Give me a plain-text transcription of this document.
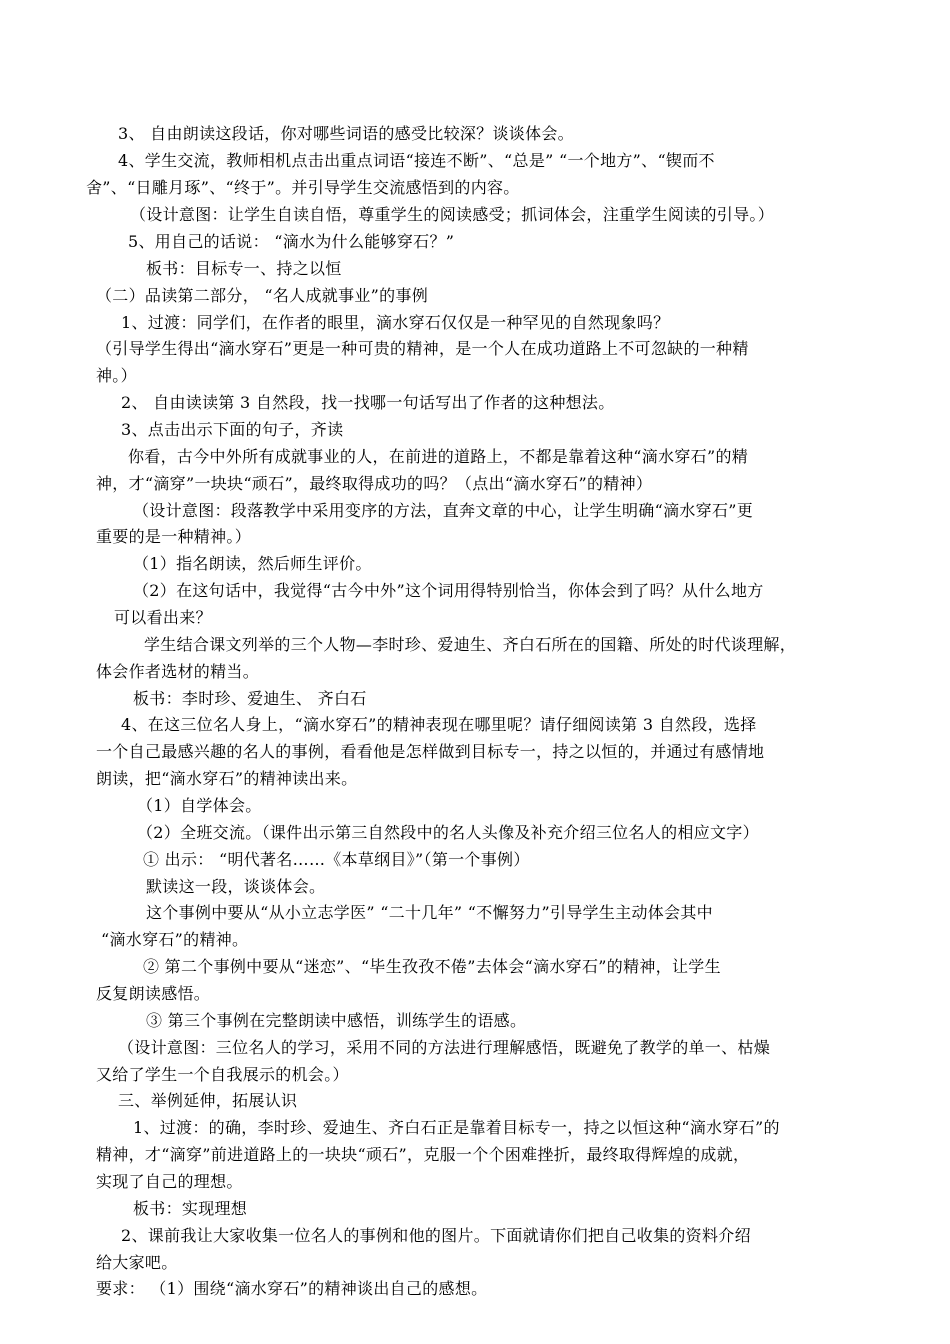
3、 自由朗读这段话，你对哪些词语的感受比较深？谈谈体会。
4、学生交流，教师相机点击出重点词语“接连不断”、“总是” “一个地方”、“锲而不
舍”、“日雕月琢”、“终于”。并引导学生交流感悟到的内容。
（设计意图：让学生自读自悟，尊重学生的阅读感受；抓词体会，注重学生阅读的引导。）
5、用自己的话说： “滴水为什么能够穿石？”
板书：目标专一、持之以恒
（二）品读第二部分， “名人成就事业”的事例
1、过渡：同学们，在作者的眼里，滴水穿石仅仅是一种罕见的自然现象吗？
（引导学生得出“滴水穿石”更是一种可贵的精神，是一个人在成功道路上不可忽缺的一种精
神。）
2、 自由读读第 3 自然段，找一找哪一句话写出了作者的这种想法。
3、点击出示下面的句子，齐读
你看，古今中外所有成就事业的人，在前进的道路上，不都是靠着这种“滴水穿石”的精
神，才“滴穿”一块块“顽石”，最终取得成功的吗？（点出“滴水穿石”的精神）
（设计意图：段落教学中采用变序的方法，直奔文章的中心，让学生明确“滴水穿石”更
重要的是一种精神。）
（1）指名朗读，然后师生评价。
（2）在这句话中，我觉得“古今中外”这个词用得特别恰当，你体会到了吗？从什么地方
可以看出来？
学生结合课文列举的三个人物—李时珍、爱迪生、齐白石所在的国籍、所处的时代谈理解，
体会作者选材的精当。
板书：李时珍、爱迪生、 齐白石
4、在这三位名人身上，“滴水穿石”的精神表现在哪里呢？请仔细阅读第 3 自然段，选择
一个自己最感兴趣的名人的事例，看看他是怎样做到目标专一，持之以恒的，并通过有感情地
朗读，把“滴水穿石”的精神读出来。
（1）自学体会。
（2）全班交流。（课件出示第三自然段中的名人头像及补充介绍三位名人的相应文字）
① 出示： “明代著名……《本草纲目》”（第一个事例）
默读这一段，谈谈体会。
这个事例中要从“从小立志学医” “二十几年” “不懈努力”引导学生主动体会其中
“滴水穿石”的精神。
② 第二个事例中要从“迷恋”、“毕生孜孜不倦”去体会“滴水穿石”的精神，让学生
反复朗读感悟。
③ 第三个事例在完整朗读中感悟，训练学生的语感。
（设计意图：三位名人的学习，采用不同的方法进行理解感悟，既避免了教学的单一、枯燥
又给了学生一个自我展示的机会。）
三、举例延伸，拓展认识
1、过渡：的确，李时珍、爱迪生、齐白石正是靠着目标专一，持之以恒这种“滴水穿石”的
精神，才“滴穿”前进道路上的一块块“顽石”，克服一个个困难挫折，最终取得辉煌的成就，
实现了自己的理想。
板书：实现理想
2、课前我让大家收集一位名人的事例和他的图片。下面就请你们把自己收集的资料介绍
给大家吧。
要求： （1）围绕“滴水穿石”的精神谈出自己的感想。
